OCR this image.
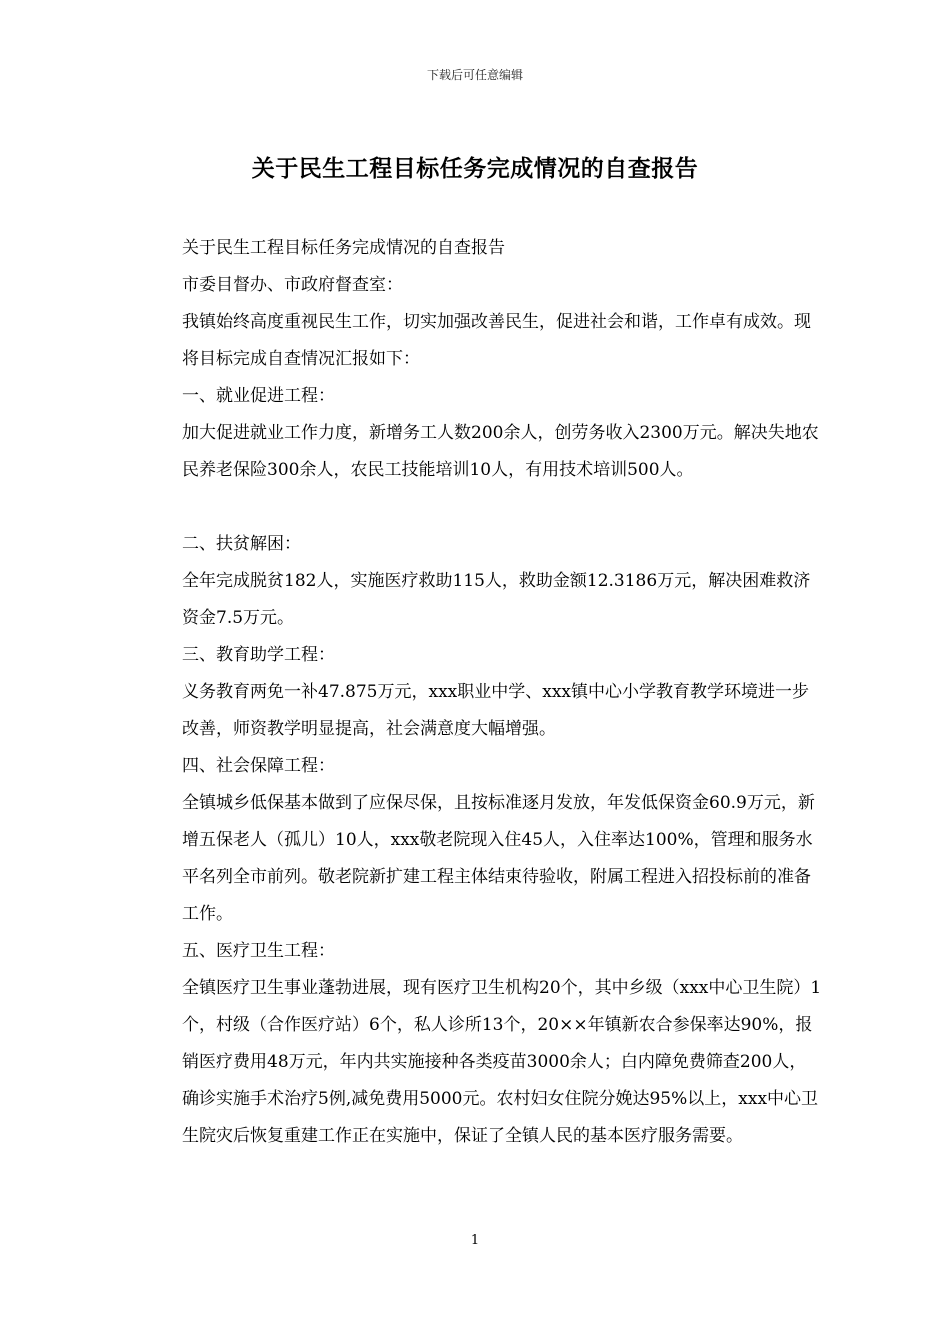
下载后可任意编辑
关于民生工程目标任务完成情况的自查报告

关于民生工程目标任务完成情况的自查报告

市委目督办、市政府督查室：

我镇始终高度重视民生工作，切实加强改善民生，促进社会和谐，工作卓有成效。现将目标完成自查情况汇报如下：

一、就业促进工程：

加大促进就业工作力度，新增务工人数200余人，创劳务收入2300万元。解决失地农民养老保险300余人，农民工技能培训10人，有用技术培训500人。

二、扶贫解困：

全年完成脱贫182人，实施医疗救助115人，救助金额12.3186万元，解决困难救济资金7.5万元。

三、教育助学工程：

义务教育两免一补47.875万元，xxx职业中学、xxx镇中心小学教育教学环境进一步改善，师资教学明显提高，社会满意度大幅增强。

四、社会保障工程：

全镇城乡低保基本做到了应保尽保，且按标准逐月发放，年发低保资金60.9万元，新增五保老人（孤儿）10人，xxx敬老院现入住45人，入住率达100%，管理和服务水平名列全市前列。敬老院新扩建工程主体结束待验收，附属工程进入招投标前的准备工作。

五、医疗卫生工程：

全镇医疗卫生事业蓬勃进展，现有医疗卫生机构20个，其中乡级（xxx中心卫生院）1个，村级（合作医疗站）6个，私人诊所13个，20××年镇新农合参保率达90%，报销医疗费用48万元，年内共实施接种各类疫苗3000余人；白内障免费筛查200人，确诊实施手术治疗5例,减免费用5000元。农村妇女住院分娩达95%以上，xxx中心卫生院灾后恢复重建工作正在实施中，保证了全镇人民的基本医疗服务需要。

1
